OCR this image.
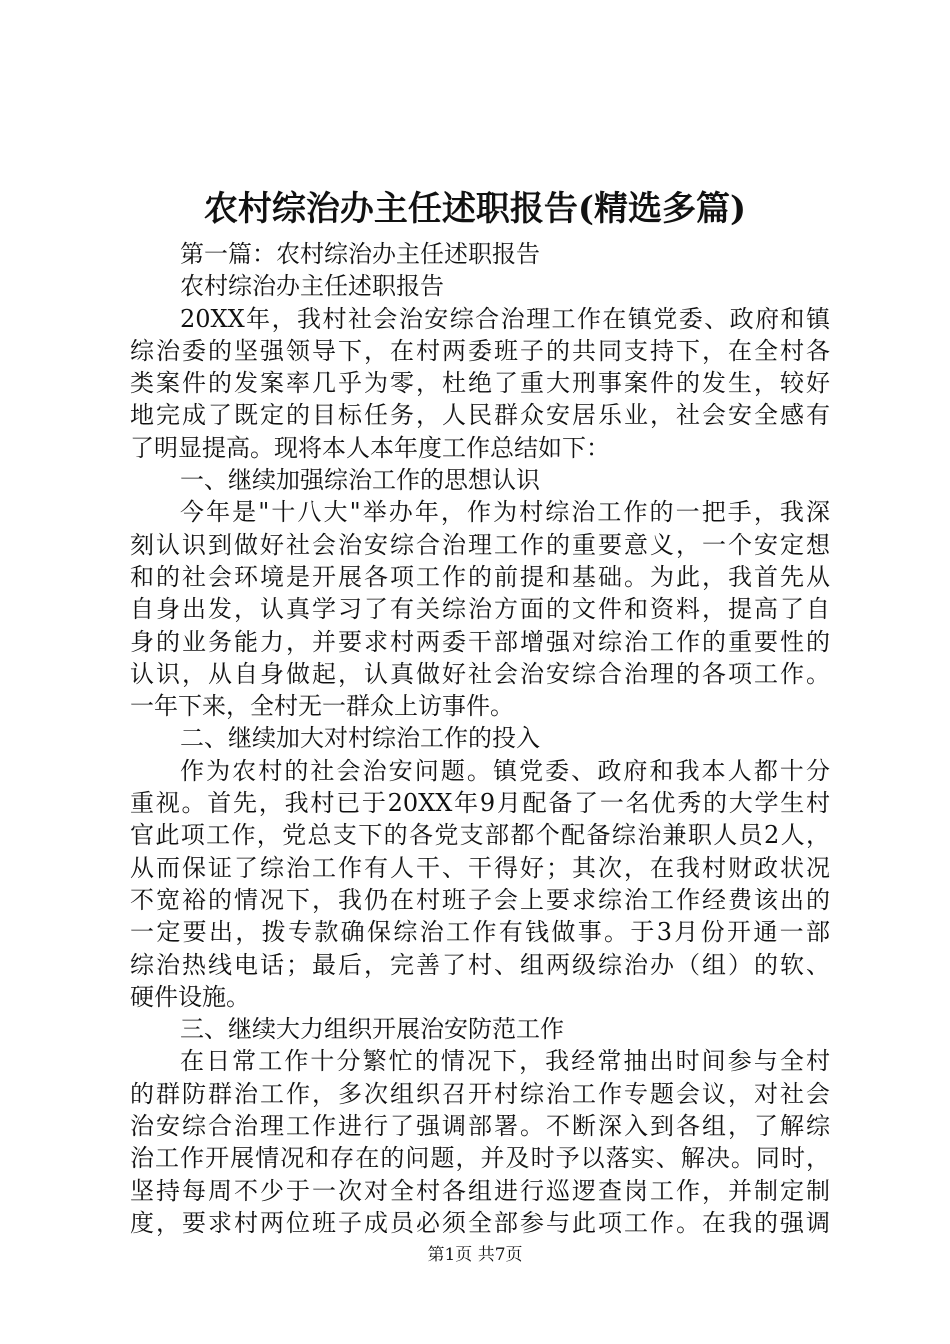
农村综治办主任述职报告(精选多篇)
第一篇：农村综治办主任述职报告
农村综治办主任述职报告
20XX年，我村社会治安综合治理工作在镇党委、政府和镇
综治委的坚强领导下，在村两委班子的共同支持下，在全村各
类案件的发案率几乎为零，杜绝了重大刑事案件的发生，较好
地完成了既定的目标任务，人民群众安居乐业，社会安全感有
了明显提高。现将本人本年度工作总结如下：
一、继续加强综治工作的思想认识
今年是"十八大"举办年，作为村综治工作的一把手，我深
刻认识到做好社会治安综合治理工作的重要意义，一个安定想
和的社会环境是开展各项工作的前提和基础。为此，我首先从
自身出发，认真学习了有关综治方面的文件和资料，提高了自
身的业务能力，并要求村两委干部增强对综治工作的重要性的
认识，从自身做起，认真做好社会治安综合治理的各项工作。
一年下来，全村无一群众上访事件。
二、继续加大对村综治工作的投入
作为农村的社会治安问题。镇党委、政府和我本人都十分
重视。首先，我村已于20XX年9月配备了一名优秀的大学生村
官此项工作，党总支下的各党支部都个配备综治兼职人员2人，
从而保证了综治工作有人干、干得好；其次，在我村财政状况
不宽裕的情况下，我仍在村班子会上要求综治工作经费该出的
一定要出，拨专款确保综治工作有钱做事。于3月份开通一部
综治热线电话；最后，完善了村、组两级综治办（组）的软、
硬件设施。
三、继续大力组织开展治安防范工作
在日常工作十分繁忙的情况下，我经常抽出时间参与全村
的群防群治工作，多次组织召开村综治工作专题会议，对社会
治安综合治理工作进行了强调部署。不断深入到各组，了解综
治工作开展情况和存在的问题，并及时予以落实、解决。同时，
坚持每周不少于一次对全村各组进行巡逻查岗工作，并制定制
度，要求村两位班子成员必须全部参与此项工作。在我的强调
第1页 共7页
